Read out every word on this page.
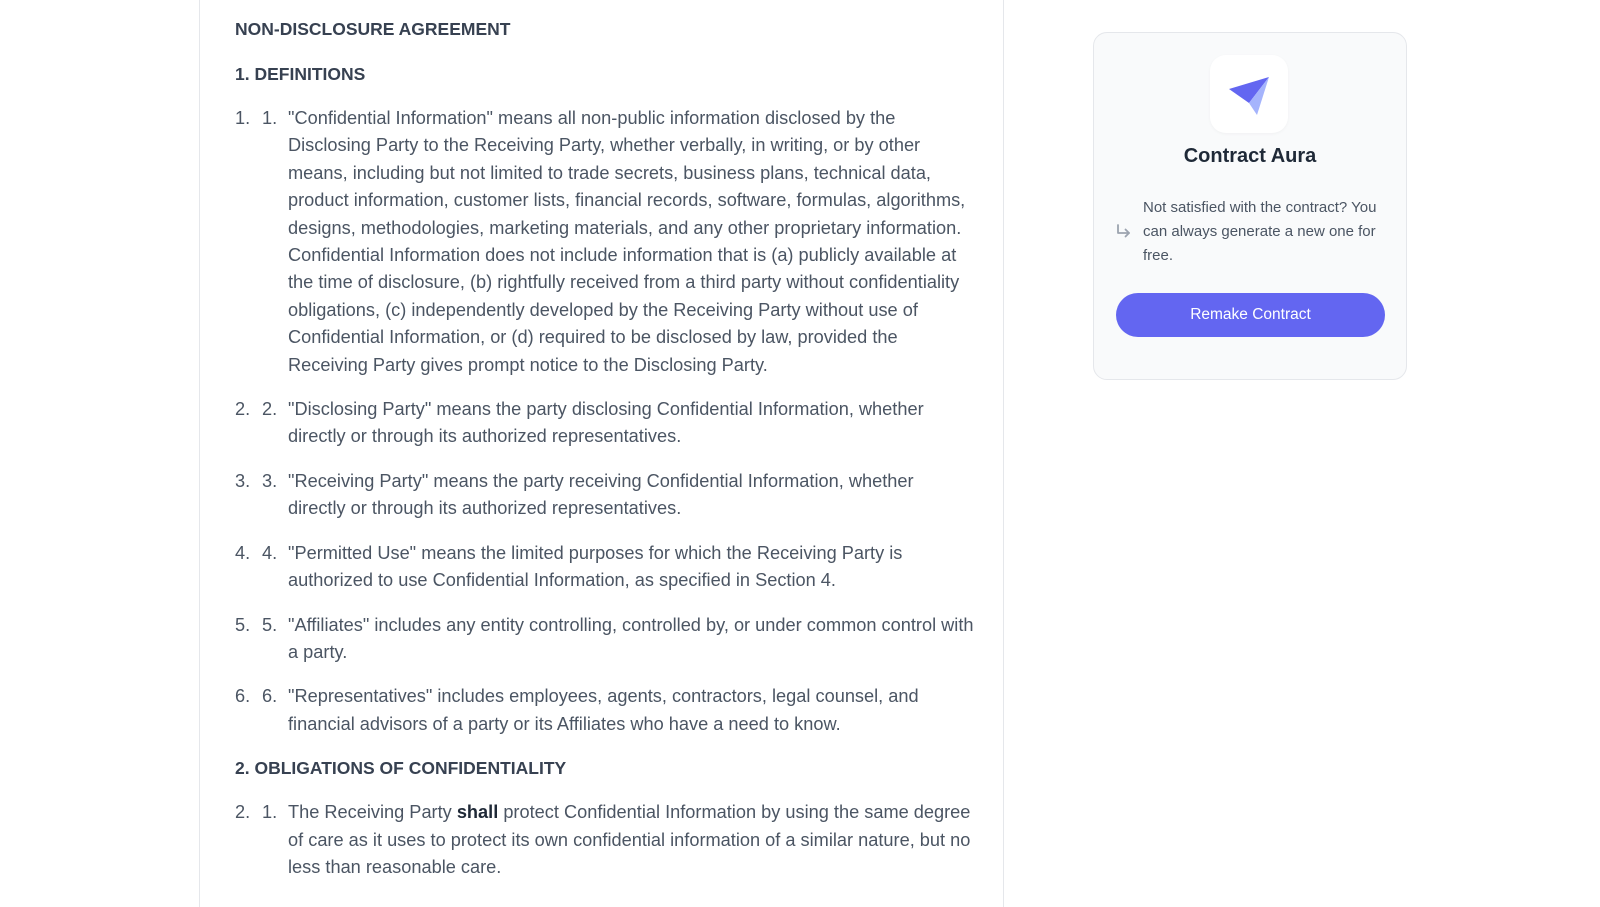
NON-DISCLOSURE AGREEMENT
1. DEFINITIONS
1. 1. "Confidential Information" means all non-public information disclosed by the Disclosing Party to the Receiving Party, whether verbally, in writing, or by other means, including but not limited to trade secrets, business plans, technical data, product information, customer lists, financial records, software, formulas, algorithms, designs, methodologies, marketing materials, and any other proprietary information. Confidential Information does not include information that is (a) publicly available at the time of disclosure, (b) rightfully received from a third party without confidentiality obligations, (c) independently developed by the Receiving Party without use of Confidential Information, or (d) required to be disclosed by law, provided the Receiving Party gives prompt notice to the Disclosing Party.
2. 2. "Disclosing Party" means the party disclosing Confidential Information, whether directly or through its authorized representatives.
3. 3. "Receiving Party" means the party receiving Confidential Information, whether directly or through its authorized representatives.
4. 4. "Permitted Use" means the limited purposes for which the Receiving Party is authorized to use Confidential Information, as specified in Section 4.
5. 5. "Affiliates" includes any entity controlling, controlled by, or under common control with a party.
6. 6. "Representatives" includes employees, agents, contractors, legal counsel, and financial advisors of a party or its Affiliates who have a need to know.
2. OBLIGATIONS OF CONFIDENTIALITY
2. 1. The Receiving Party shall protect Confidential Information by using the same degree of care as it uses to protect its own confidential information of a similar nature, but no less than reasonable care.
Contract Aura
Not satisfied with the contract? You can always generate a new one for free.
Remake Contract
